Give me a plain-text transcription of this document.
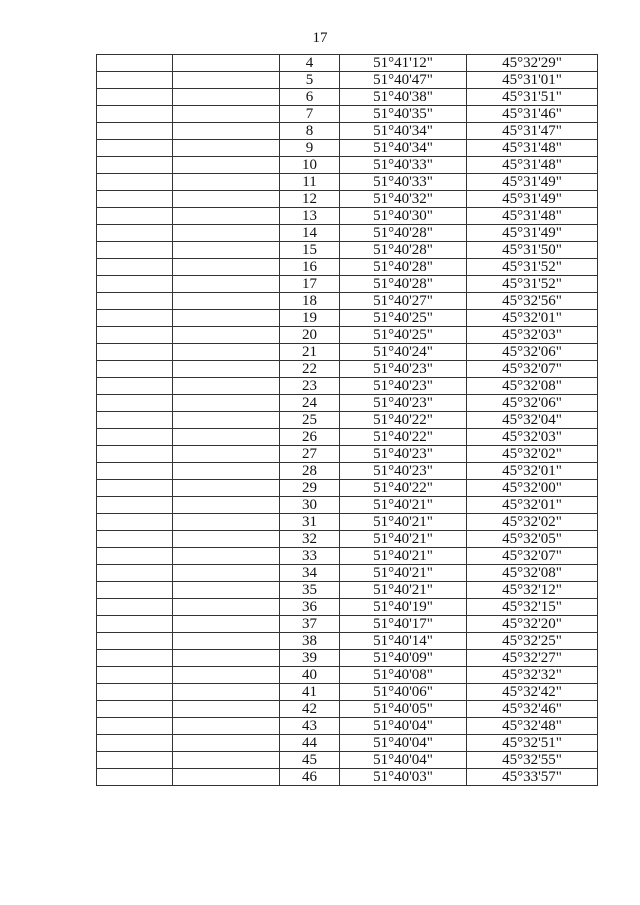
17
		4	51°41'12"	45°32'29"
		5	51°40'47"	45°31'01"
		6	51°40'38"	45°31'51"
		7	51°40'35"	45°31'46"
		8	51°40'34"	45°31'47"
		9	51°40'34"	45°31'48"
		10	51°40'33"	45°31'48"
		11	51°40'33"	45°31'49"
		12	51°40'32"	45°31'49"
		13	51°40'30"	45°31'48"
		14	51°40'28"	45°31'49"
		15	51°40'28"	45°31'50"
		16	51°40'28"	45°31'52"
		17	51°40'28"	45°31'52"
		18	51°40'27"	45°32'56"
		19	51°40'25"	45°32'01"
		20	51°40'25"	45°32'03"
		21	51°40'24"	45°32'06"
		22	51°40'23"	45°32'07"
		23	51°40'23"	45°32'08"
		24	51°40'23"	45°32'06"
		25	51°40'22"	45°32'04"
		26	51°40'22"	45°32'03"
		27	51°40'23"	45°32'02"
		28	51°40'23"	45°32'01"
		29	51°40'22"	45°32'00"
		30	51°40'21"	45°32'01"
		31	51°40'21"	45°32'02"
		32	51°40'21"	45°32'05"
		33	51°40'21"	45°32'07"
		34	51°40'21"	45°32'08"
		35	51°40'21"	45°32'12"
		36	51°40'19"	45°32'15"
		37	51°40'17"	45°32'20"
		38	51°40'14"	45°32'25"
		39	51°40'09"	45°32'27"
		40	51°40'08"	45°32'32"
		41	51°40'06"	45°32'42"
		42	51°40'05"	45°32'46"
		43	51°40'04"	45°32'48"
		44	51°40'04"	45°32'51"
		45	51°40'04"	45°32'55"
		46	51°40'03"	45°33'57"
